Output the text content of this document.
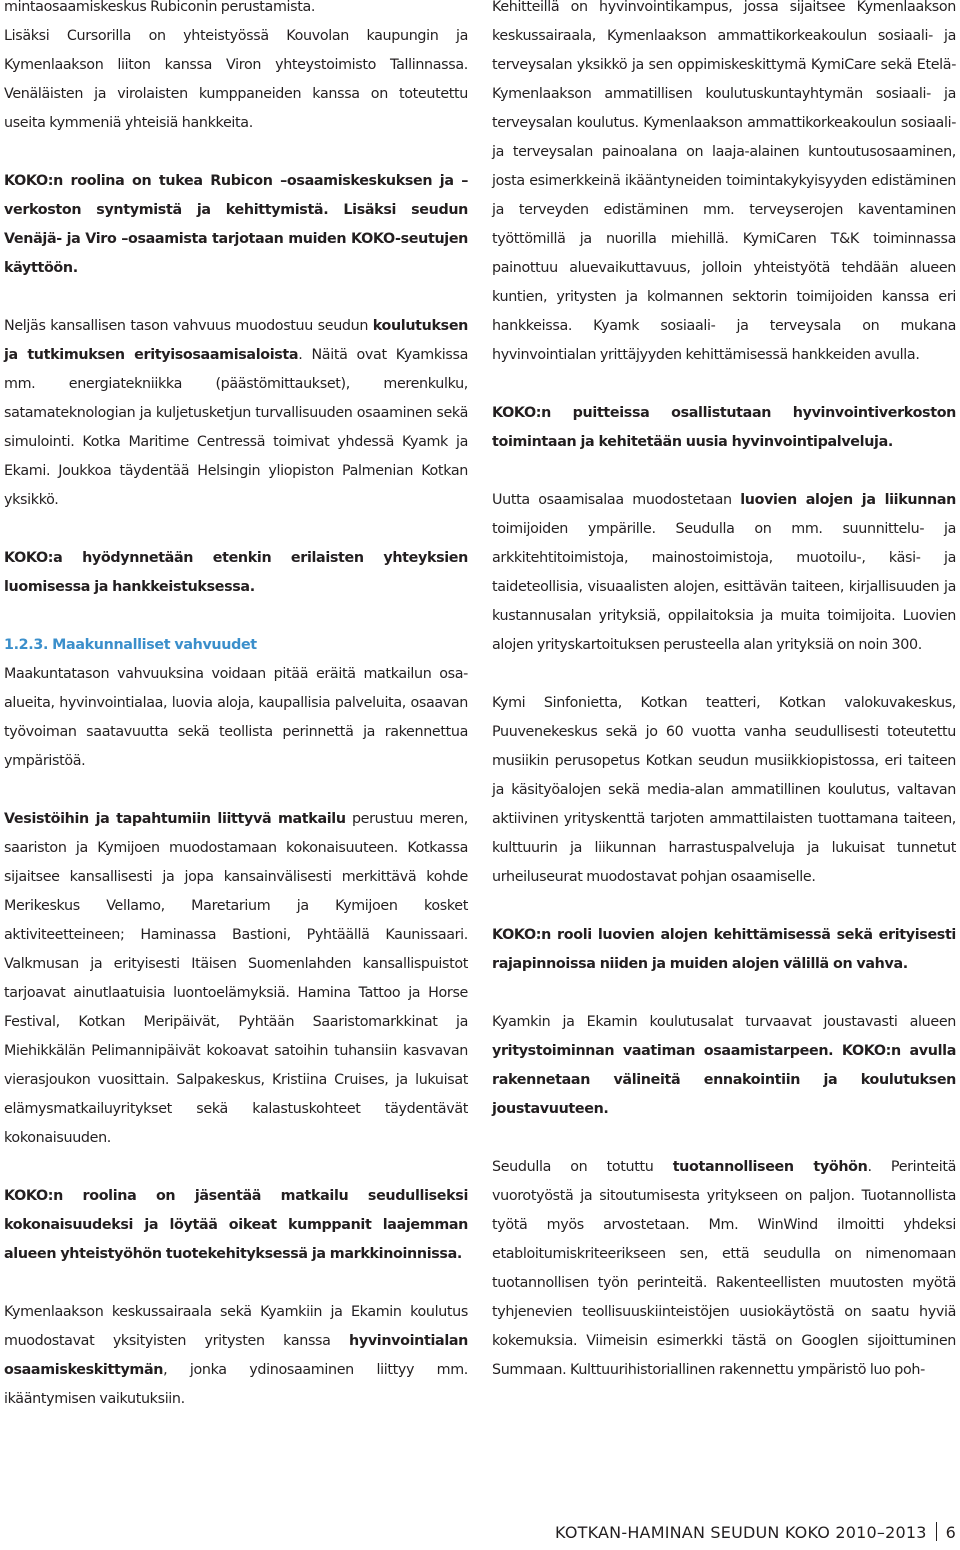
mintaosaamiskeskus Rubiconin perustamista.

Lisäksi Cursorilla on yhteistyössä Kouvolan kaupungin ja Kymenlaakson liiton kanssa Viron yhteystoimisto Tallinnassa. Venäläisten ja virolaisten kumppaneiden kanssa on toteutettu useita kymmeniä yhteisiä hankkeita.

KOKO:n roolina on tukea Rubicon –osaamiskeskuksen ja –verkoston syntymistä ja kehittymistä. Lisäksi seudun Venäjä- ja Viro –osaamista tarjotaan muiden KOKO-seutujen käyttöön.

Neljäs kansallisen tason vahvuus muodostuu seudun koulutuksen ja tutkimuksen erityisosaamisaloista. Näitä ovat Kyamkissa mm. energiatekniikka (päästömittaukset), merenkulku, satamateknologian ja kuljetusketjun turvallisuuden osaaminen sekä simulointi. Kotka Maritime Centressä toimivat yhdessä Kyamk ja Ekami. Joukkoa täydentää Helsingin yliopiston Palmenian Kotkan yksikkö.

KOKO:a hyödynnetään etenkin erilaisten yhteyksien luomisessa ja hankkeistuksessa.

1.2.3. Maakunnalliset vahvuudet

Maakuntatason vahvuuksina voidaan pitää eräitä matkailun osa-alueita, hyvinvointialaa, luovia aloja, kaupallisia palveluita, osaavan työvoiman saatavuutta sekä teollista perinnettä ja rakennettua ympäristöä.

Vesistöihin ja tapahtumiin liittyvä matkailu perustuu meren, saariston ja Kymijoen muodostamaan kokonaisuuteen. Kotkassa sijaitsee kansallisesti ja jopa kansainvälisesti merkittävä kohde Merikeskus Vellamo, Maretarium ja Kymijoen kosket aktiviteetteineen; Haminassa Bastioni, Pyhtäällä Kaunissaari. Valkmusan ja erityisesti Itäisen Suomenlahden kansallispuistot tarjoavat ainutlaatuisia luontoelämyksiä. Hamina Tattoo ja Horse Festival, Kotkan Meripäivät, Pyhtään Saaristomarkkinat ja Miehikkälän Pelimannipäivät kokoavat satoihin tuhansiin kasvavan vierasjoukon vuosittain. Salpakeskus, Kristiina Cruises, ja lukuisat elämysmatkailuyritykset sekä kalastuskohteet täydentävät kokonaisuuden.

KOKO:n roolina on jäsentää matkailu seudulliseksi kokonaisuudeksi ja löytää oikeat kumppanit laajemman alueen yhteistyöhön tuotekehityksessä ja markkinoinnissa.

Kymenlaakson keskussairaala sekä Kyamkiin ja Ekamin koulutus muodostavat yksityisten yritysten kanssa hyvinvointialan osaamiskeskittymän, jonka ydinosaaminen liittyy mm. ikääntymisen vaikutuksiin.

Kehitteillä on hyvinvointikampus, jossa sijaitsee Kymenlaakson keskussairaala, Kymenlaakson ammattikorkeakoulun sosiaali- ja terveysalan yksikkö ja sen oppimiskeskittymä KymiCare sekä Etelä-Kymenlaakson ammatillisen koulutuskuntayhtymän sosiaali- ja terveysalan koulutus. Kymenlaakson ammattikorkeakoulun sosiaali- ja terveysalan painoalana on laaja-alainen kuntoutusosaaminen, josta esimerkkeinä ikääntyneiden toimintakykyisyyden edistäminen ja terveyden edistäminen mm. terveyserojen kaventaminen työttömillä ja nuorilla miehillä. KymiCaren T&K toiminnassa painottuu aluevaikuttavuus, jolloin yhteistyötä tehdään alueen kuntien, yritysten ja kolmannen sektorin toimijoiden kanssa eri hankkeissa. Kyamk sosiaali- ja terveysala on mukana hyvinvointialan yrittäjyyden kehittämisessä hankkeiden avulla.

KOKO:n puitteissa osallistutaan hyvinvointiverkoston toimintaan ja kehitetään uusia hyvinvointipalveluja.

Uutta osaamisalaa muodostetaan luovien alojen ja liikunnan toimijoiden ympärille. Seudulla on mm. suunnittelu- ja arkkitehtitoimistoja, mainostoimistoja, muotoilu-, käsi- ja taideteollisia, visuaalisten alojen, esittävän taiteen, kirjallisuuden ja kustannusalan yrityksiä, oppilaitoksia ja muita toimijoita. Luovien alojen yrityskartoituksen perusteella alan yrityksiä on noin 300.

Kymi Sinfonietta, Kotkan teatteri, Kotkan valokuvakeskus, Puuvenekeskus sekä jo 60 vuotta vanha seudullisesti toteutettu musiikin perusopetus Kotkan seudun musiikkiopistossa, eri taiteen ja käsityöalojen sekä media-alan ammatillinen koulutus, valtavan aktiivinen yrityskenttä tarjoten ammattilaisten tuottamana taiteen, kulttuurin ja liikunnan harrastuspalveluja ja lukuisat tunnetut urheiluseurat muodostavat pohjan osaamiselle.

KOKO:n rooli luovien alojen kehittämisessä sekä erityisesti rajapinnoissa niiden ja muiden alojen välillä on vahva.

Kyamkin ja Ekamin koulutusalat turvaavat joustavasti alueen yritystoiminnan vaatiman osaamistarpeen. KOKO:n avulla rakennetaan välineitä ennakointiin ja koulutuksen joustavuuteen.

Seudulla on totuttu tuotannolliseen työhön. Perinteitä vuorotyöstä ja sitoutumisesta yritykseen on paljon. Tuotannollista työtä myös arvostetaan. Mm. WinWind ilmoitti yhdeksi etabloitumiskriteerikseen sen, että seudulla on nimenomaan tuotannollisen työn perinteitä. Rakenteellisten muutosten myötä tyhjenevien teollisuuskiinteistöjen uusiokäytöstä on saatu hyviä kokemuksia. Viimeisin esimerkki tästä on Googlen sijoittuminen Summaan. Kulttuurihistoriallinen rakennettu ympäristö luo poh-

KOTKAN-HAMINAN SEUDUN KOKO 2010–2013 6
